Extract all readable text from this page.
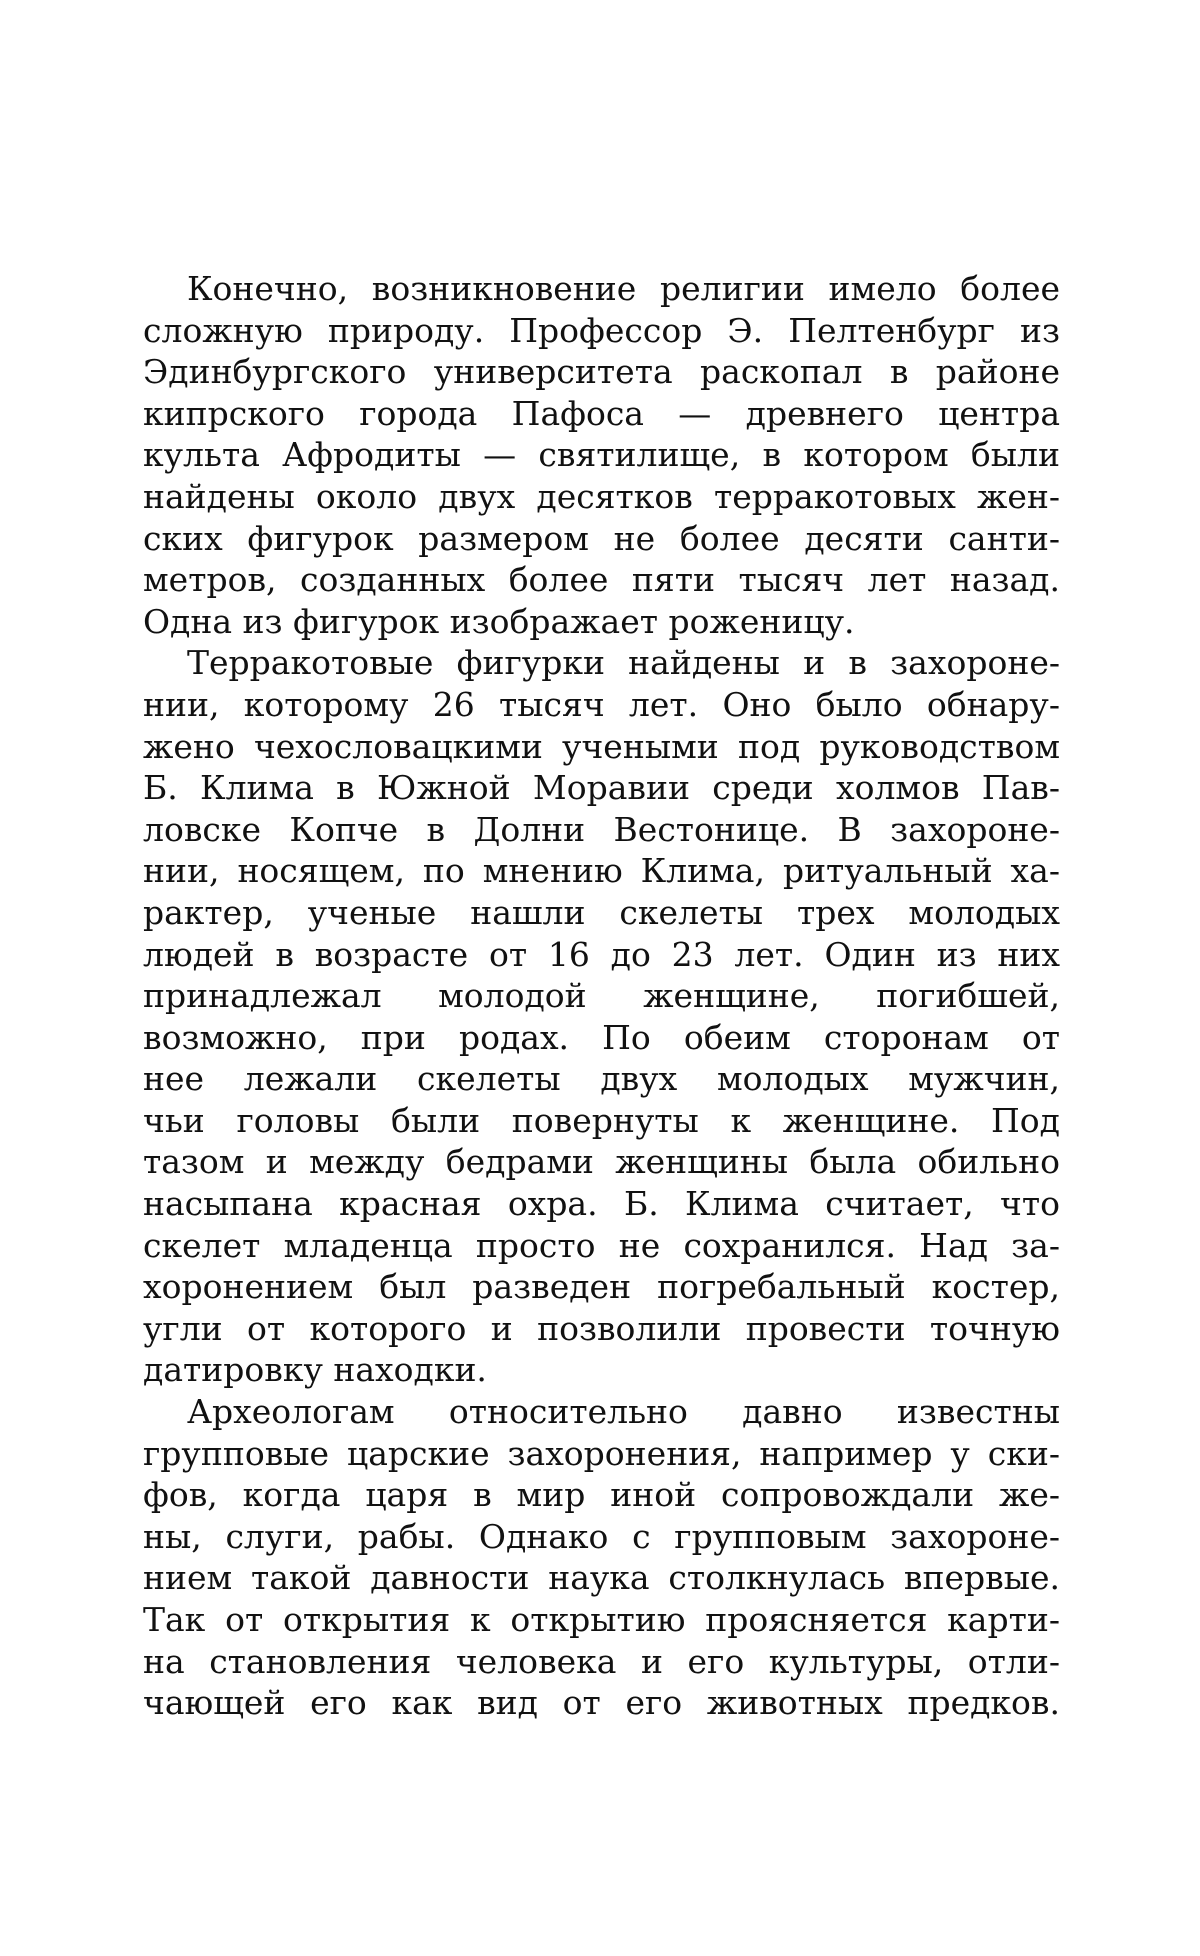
Конечно, возникновение религии имело более
сложную природу. Профессор Э. Пелтенбург из
Эдинбургского университета раскопал в районе
кипрского города Пафоса — древнего центра
культа Афродиты — святилище, в котором были
найдены около двух десятков терракотовых жен-
ских фигурок размером не более десяти санти-
метров, созданных более пяти тысяч лет назад.
Одна из фигурок изображает роженицу.
Терракотовые фигурки найдены и в захороне-
нии, которому 26 тысяч лет. Оно было обнару-
жено чехословацкими учеными под руководством
Б. Клима в Южной Моравии среди холмов Пав-
ловске Копче в Долни Вестонице. В захороне-
нии, носящем, по мнению Клима, ритуальный ха-
рактер, ученые нашли скелеты трех молодых
людей в возрасте от 16 до 23 лет. Один из них
принадлежал молодой женщине, погибшей,
возможно, при родах. По обеим сторонам от
нее лежали скелеты двух молодых мужчин,
чьи головы были повернуты к женщине. Под
тазом и между бедрами женщины была обильно
насыпана красная охра. Б. Клима считает, что
скелет младенца просто не сохранился. Над за-
хоронением был разведен погребальный костер,
угли от которого и позволили провести точную
датировку находки.
Археологам относительно давно известны
групповые царские захоронения, например у ски-
фов, когда царя в мир иной сопровождали же-
ны, слуги, рабы. Однако с групповым захороне-
нием такой давности наука столкнулась впервые.
Так от открытия к открытию проясняется карти-
на становления человека и его культуры, отли-
чающей его как вид от его животных предков.
